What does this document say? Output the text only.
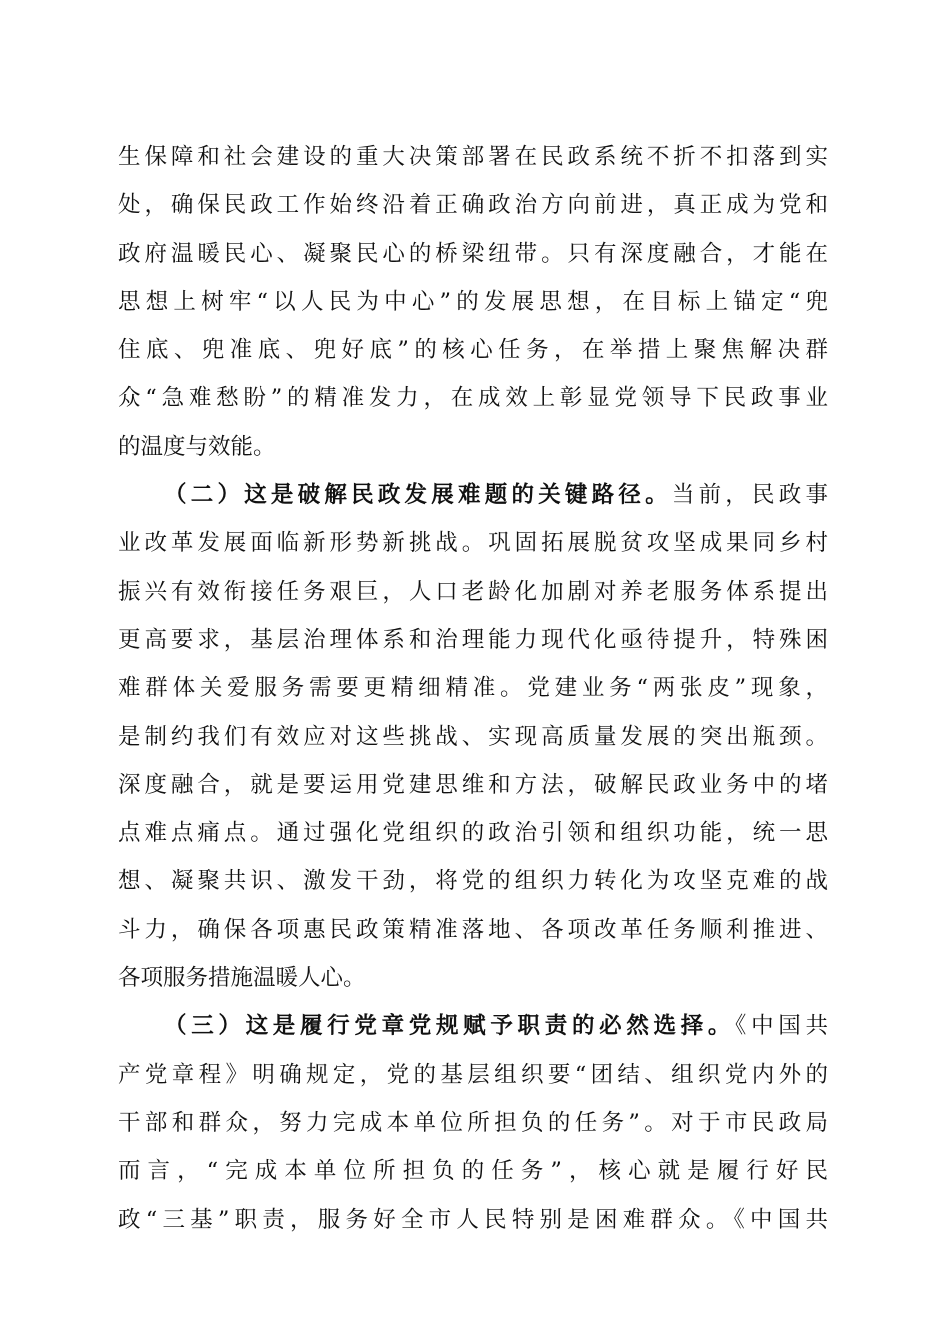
生保障和社会建设的重大决策部署在民政系统不折不扣落到实
处，确保民政工作始终沿着正确政治方向前进，真正成为党和
政府温暖民心、凝聚民心的桥梁纽带。只有深度融合，才能在
思想上树牢“以人民为中心”的发展思想，在目标上锚定“兜
住底、兜准底、兜好底”的核心任务，在举措上聚焦解决群
众“急难愁盼”的精准发力，在成效上彰显党领导下民政事业
的温度与效能。
（二）这是破解民政发展难题的关键路径。当前，民政事
业改革发展面临新形势新挑战。巩固拓展脱贫攻坚成果同乡村
振兴有效衔接任务艰巨，人口老龄化加剧对养老服务体系提出
更高要求，基层治理体系和治理能力现代化亟待提升，特殊困
难群体关爱服务需要更精细精准。党建业务“两张皮”现象，
是制约我们有效应对这些挑战、实现高质量发展的突出瓶颈。
深度融合，就是要运用党建思维和方法，破解民政业务中的堵
点难点痛点。通过强化党组织的政治引领和组织功能，统一思
想、凝聚共识、激发干劲，将党的组织力转化为攻坚克难的战
斗力，确保各项惠民政策精准落地、各项改革任务顺利推进、
各项服务措施温暖人心。
（三）这是履行党章党规赋予职责的必然选择。《中国共
产党章程》明确规定，党的基层组织要“团结、组织党内外的
干部和群众，努力完成本单位所担负的任务”。对于市民政局
而言，“完成本单位所担负的任务”，核心就是履行好民
政“三基”职责，服务好全市人民特别是困难群众。《中国共
